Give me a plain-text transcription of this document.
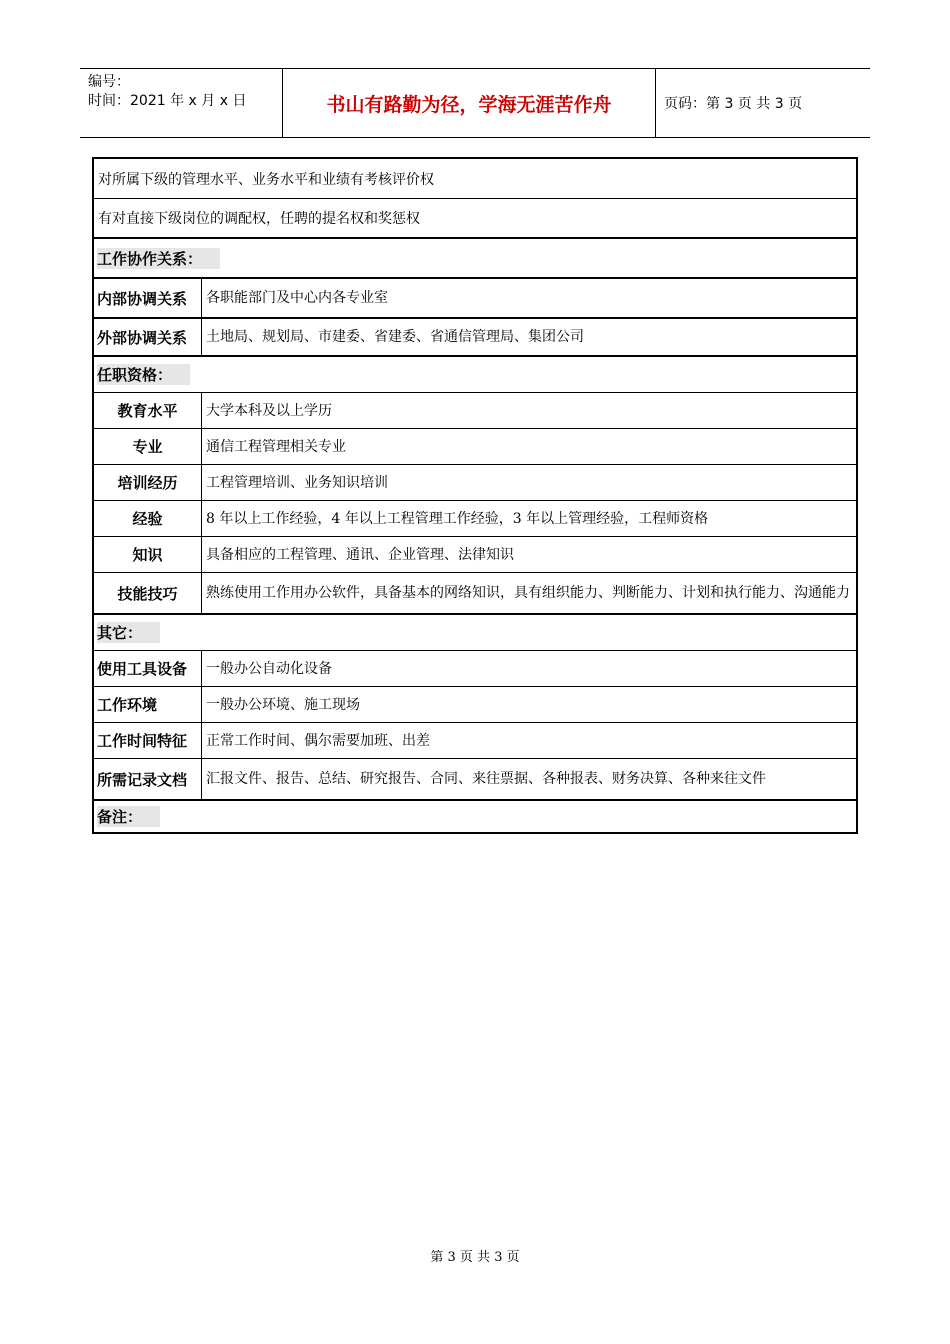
编号：
时间：2021 年 x 月 x 日	书山有路勤为径，学海无涯苦作舟	页码：第 3 页 共 3 页
对所属下级的管理水平、业务水平和业绩有考核评价权
有对直接下级岗位的调配权，任聘的提名权和奖惩权
工作协作关系：
内部协调关系	各职能部门及中心内各专业室
外部协调关系	土地局、规划局、市建委、省建委、省通信管理局、集团公司
任职资格：
教育水平	大学本科及以上学历
专业	通信工程管理相关专业
培训经历	工程管理培训、业务知识培训
经验	8 年以上工作经验，4 年以上工程管理工作经验，3 年以上管理经验，工程师资格
知识	具备相应的工程管理、通讯、企业管理、法律知识
技能技巧	熟练使用工作用办公软件，具备基本的网络知识，具有组织能力、判断能力、计划和执行能力、沟通能力
其它：
使用工具设备	一般办公自动化设备
工作环境	一般办公环境、施工现场
工作时间特征	正常工作时间、偶尔需要加班、出差
所需记录文档	汇报文件、报告、总结、研究报告、合同、来往票据、各种报表、财务决算、各种来往文件
备注：
第 3 页 共 3 页
